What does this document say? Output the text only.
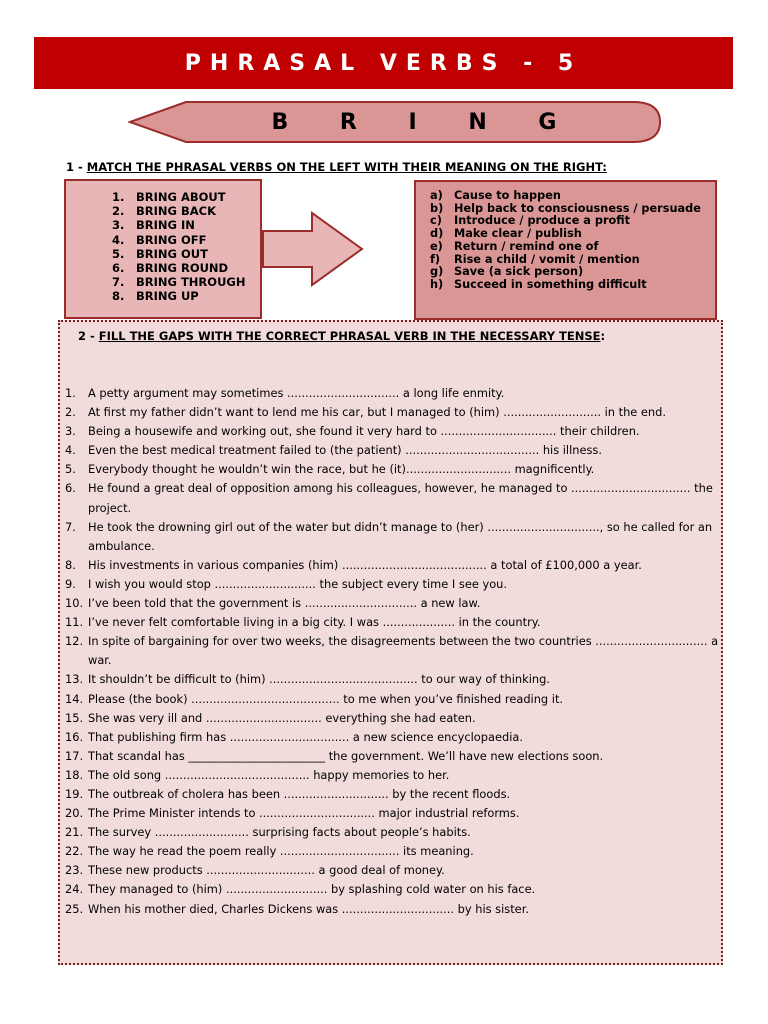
PHRASAL VERBS - 5
B R I N G
1 - MATCH THE PHRASAL VERBS ON THE LEFT WITH THEIR MEANING ON THE RIGHT:
1. BRING ABOUT
2. BRING BACK
3. BRING IN
4. BRING OFF
5. BRING OUT
6. BRING ROUND
7. BRING THROUGH
8. BRING UP
a) Cause to happen
b) Help back to consciousness / persuade
c) Introduce / produce a profit
d) Make clear / publish
e) Return / remind one of
f) Rise a child / vomit / mention
g) Save (a sick person)
h) Succeed in something difficult
2 - FILL THE GAPS WITH THE CORRECT PHRASAL VERB IN THE NECESSARY TENSE:
1.	A petty argument may sometimes ............................... a long life enmity.
2.	At first my father didn’t want to lend me his car, but I managed to (him) ........................... in the end.
3.	Being a housewife and working out, she found it very hard to ................................ their children.
4.	Even the best medical treatment failed to (the patient) ..................................... his illness.
5.	Everybody thought he wouldn’t win the race, but he (it)............................. magnificently.
6.	He found a great deal of opposition among his colleagues, however, he managed to ................................. the project.
7.	He took the drowning girl out of the water but didn’t manage to (her) ..............................., so he called for an ambulance.
8.	His investments in various companies (him) ........................................ a total of £100,000 a year.
9.	I wish you would stop ............................ the subject every time I see you.
10. I’ve been told that the government is ............................... a new law.
11. I’ve never felt comfortable living in a big city. I was .................... in the country.
12. In spite of bargaining for over two weeks, the disagreements between the two countries ............................... a war.
13. It shouldn’t be difficult to (him) ......................................... to our way of thinking.
14. Please (the book) ......................................... to me when you’ve finished reading it.
15. She was very ill and ................................ everything she had eaten.
16. That publishing firm has ................................. a new science encyclopaedia.
17. That scandal has ________________________ the government. We’ll have new elections soon.
18. The old song ........................................ happy memories to her.
19. The outbreak of cholera has been ............................. by the recent floods.
20. The Prime Minister intends to ................................ major industrial reforms.
21. The survey .......................... surprising facts about people’s habits.
22. The way he read the poem really ................................. its meaning.
23. These new products .............................. a good deal of money.
24. They managed to (him) ............................ by splashing cold water on his face.
25. When his mother died, Charles Dickens was ............................... by his sister.
